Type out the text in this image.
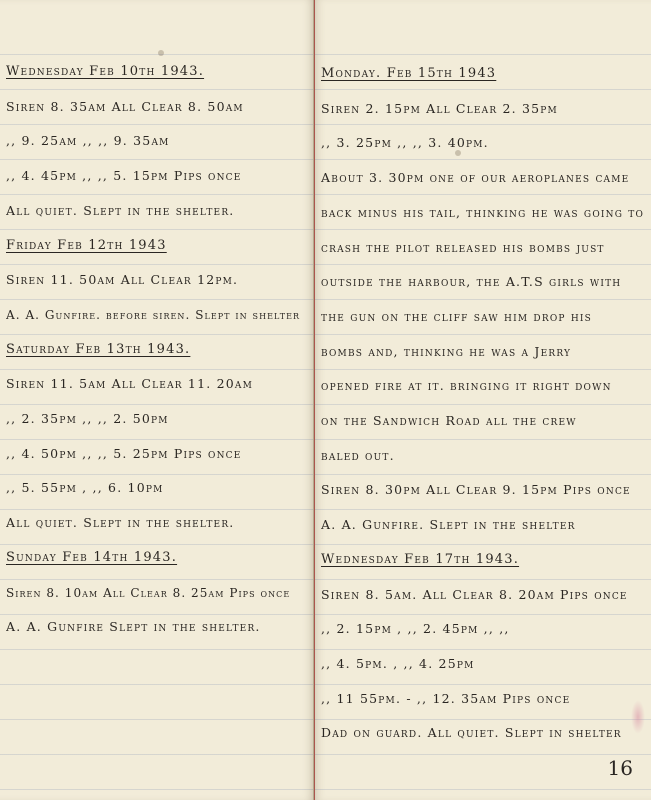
Wednesday Feb 10th 1943.
Siren 8. 35am All Clear 8. 50am
,, 9. 25am ,, ,, 9. 35am
,, 4. 45pm ,, ,, 5. 15pm Pips once
All quiet. Slept in the shelter.
Friday Feb 12th 1943
Siren 11. 50am All Clear 12pm.
A. A. Gunfire. before siren. Slept in shelter
Saturday Feb 13th 1943.
Siren 11. 5am All Clear 11. 20am
,, 2. 35pm ,, ,, 2. 50pm
,, 4. 50pm ,, ,, 5. 25pm Pips once
,, 5. 55pm , ,, 6. 10pm
All quiet. Slept in the shelter.
Sunday Feb 14th 1943.
Siren 8. 10am All Clear 8. 25am Pips once
A. A. Gunfire Slept in the shelter.
Monday. Feb 15th 1943
Siren 2. 15pm All Clear 2. 35pm
,, 3. 25pm ,, ,, 3. 40pm.
About 3. 30pm one of our aeroplanes came
back minus his tail, thinking he was going to
crash the pilot released his bombs just
outside the harbour, the A.T.S girls with
the gun on the cliff saw him drop his
bombs and, thinking he was a Jerry
opened fire at it. bringing it right down
on the Sandwich Road all the crew
baled out.
Siren 8. 30pm All Clear 9. 15pm Pips once
A. A. Gunfire. Slept in the shelter
Wednesday Feb 17th 1943.
Siren 8. 5am. All Clear 8. 20am Pips once
,, 2. 15pm , ,, 2. 45pm ,, ,,
,, 4. 5pm. , ,, 4. 25pm
,, 11 55pm. - ,, 12. 35am Pips once
Dad on guard. All quiet. Slept in shelter
16
